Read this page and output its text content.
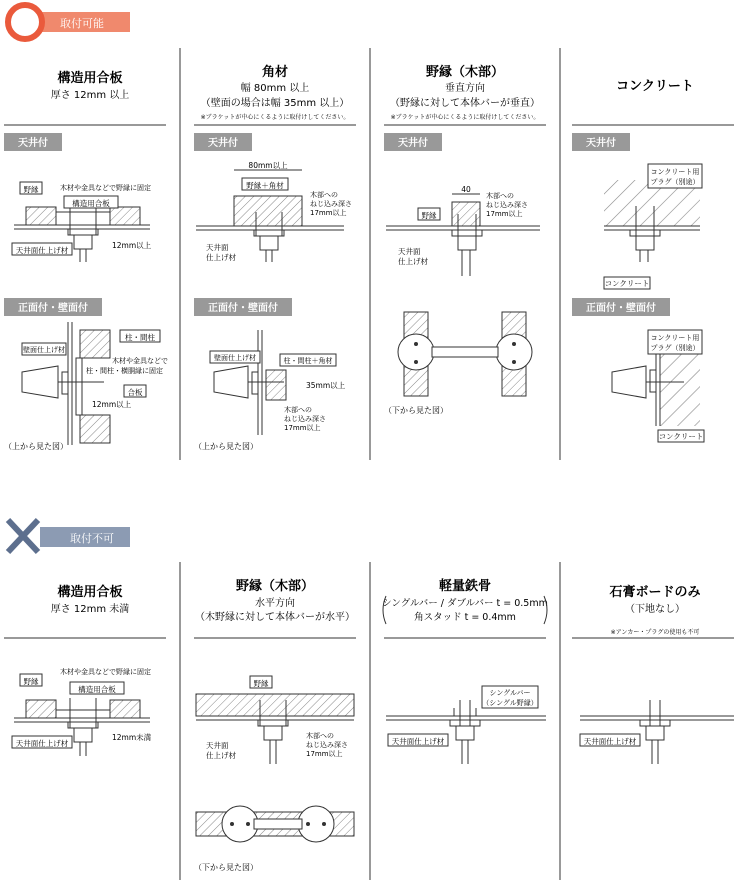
取付可能
構造用合板
厚さ 12mm 以上
天井付
野縁	木材や金具などで野縁に固定
構造用合板
天井面仕上げ材
12mm以上
正面付・壁面付
柱・間柱
壁面仕上げ材
木材や金具などで
柱・間柱・横胴縁に固定
合板
12mm以上
（上から見た図）
角材
幅 80mm 以上
（壁面の場合は幅 35mm 以上）
※ブラケットが中心にくるように取付けしてください。
天井付
80mm以上
野縁＋角材
木部への
ねじ込み深さ
17mm以上
天井面
仕上げ材
正面付・壁面付
壁面仕上げ材	柱・間柱＋角材
35mm以上
木部への
ねじ込み深さ
17mm以上
（上から見た図）
野縁（木部）
垂直方向
（野縁に対して本体バーが垂直）
※ブラケットが中心にくるように取付けしてください。
天井付
40
木部への
ねじ込み深さ
17mm以上
野縁
天井面
仕上げ材
（下から見た図）
コンクリート
天井付
コンクリート用
プラグ（別途）
コンクリート
正面付・壁面付
コンクリート用
プラグ（別途）
コンクリート
取付不可
構造用合板
厚さ 12mm 未満
木材や金具などで野縁に固定
野縁
構造用合板
天井面仕上げ材
12mm未満
野縁（木部）
水平方向
（木野縁に対して本体バーが水平）
野縁
天井面
仕上げ材
木部への
ねじ込み深さ
17mm以上
（下から見た図）
軽量鉄骨
シングルバー / ダブルバー t = 0.5mm
角スタッド t = 0.4mm
シングルバー
（シングル野縁）
天井面仕上げ材
石膏ボードのみ
（下地なし）
※アンカー・プラグの使用も不可
天井面仕上げ材
